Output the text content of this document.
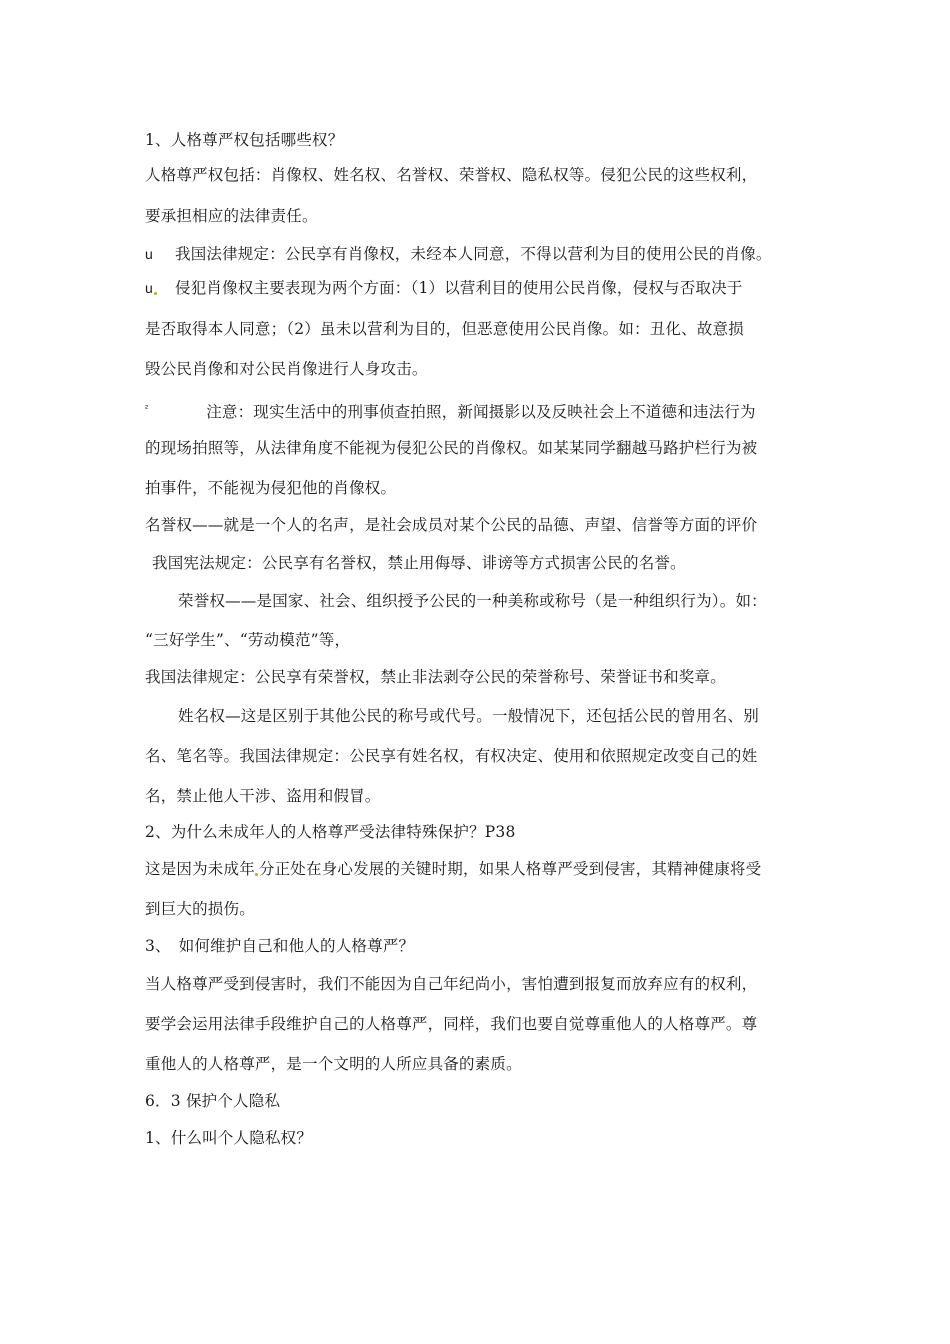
1、人格尊严权包括哪些权？
人格尊严权包括：肖像权、姓名权、名誉权、荣誉权、隐私权等。侵犯公民的这些权利，
要承担相应的法律责任。
u 我国法律规定：公民享有肖像权，未经本人同意，不得以营利为目的使用公民的肖像。
u 侵犯肖像权主要表现为两个方面：（1）以营利目的使用公民肖像，侵权与否取决于
是否取得本人同意；（2）虽未以营利为目的，但恶意使用公民肖像。如：丑化、故意损
毁公民肖像和对公民肖像进行人身攻击。
$^{^2}$	注意：现实生活中的刑事侦查拍照，新闻摄影以及反映社会上不道德和违法行为
的现场拍照等，从法律角度不能视为侵犯公民的肖像权。如某某同学翻越马路护栏行为被
拍事件，不能视为侵犯他的肖像权。
名誉权——就是一个人的名声，是社会成员对某个公民的品德、声望、信誉等方面的评价
我国宪法规定：公民享有名誉权，禁止用侮辱、诽谤等方式损害公民的名誉。
荣誉权——是国家、社会、组织授予公民的一种美称或称号（是一种组织行为）。如：
“三好学生”、“劳动模范”等，
我国法律规定：公民享有荣誉权，禁止非法剥夺公民的荣誉称号、荣誉证书和奖章。
姓名权—这是区别于其他公民的称号或代号。一般情况下，还包括公民的曾用名、别
名、笔名等。我国法律规定：公民享有姓名权，有权决定、使用和依照规定改变自己的姓
名，禁止他人干涉、盗用和假冒。
2、为什么未成年人的人格尊严受法律特殊保护？P38
这是因为未成年 分正处在身心发展的关键时期，如果人格尊严受到侵害，其精神健康将受
到巨大的损伤。
3、　如何维护自己和他人的人格尊严？
当人格尊严受到侵害时，我们不能因为自己年纪尚小，害怕遭到报复而放弃应有的权利，
要学会运用法律手段维护自己的人格尊严，同样，我们也要自觉尊重他人的人格尊严。尊
重他人的人格尊严，是一个文明的人所应具备的素质。
6．3 保护个人隐私
1、什么叫个人隐私权？
